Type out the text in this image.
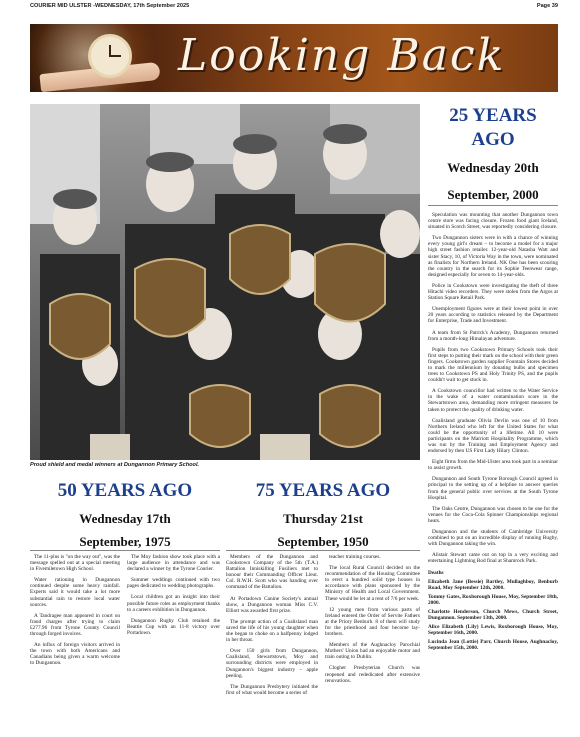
COURIER MID ULSTER -WEDNESDAY, 17th September 2025	Page 39
Looking Back
Proud shield and medal winners at Dungannon Primary School.
50 YEARS AGO
Wednesday 17th
September, 1975

The 11-plus is "on the way out", was the message spelled out at a special meeting in Fivemiletown High School.

Water rationing in Dungannon continued despite some heavy rainfall. Experts said it would take a lot more substantial rain to restore local water sources.

A Tandragee man appeared in court on fraud charges after trying to claim £277.96 from Tyrone County Council through forged invoices.

An influx of foreign visitors arrived in the town with both Americans and Canadians being given a warm welcome to Dungannon.

The Moy fashion show took place with a large audience in attendance and was declared a winner by the Tyrone Courier.

Summer weddings continued with two pages dedicated to wedding photographs.

Local children got an insight into their possible future roles as employment thanks to a careers exhibition in Dungannon.

Dungannon Rugby Club retained the Beattie Cup with an 11-8 victory over Portadown.

75 YEARS AGO
Thursday 21st
September, 1950

Members of the Dungannon and Cookstown Company of the 5th (T.A.) Battalion Inniskilling Fusiliers met to honour their Commanding Officer Lieut. Col. R.W.H. Scott who was handing over command of the Battalion.

At Portadown Canine Society's annual show, a Dungannon woman Miss C.V. Elliott was awarded first prize.

The prompt action of a Coalisland man saved the life of his young daughter when she began to choke on a halfpenny lodged in her throat.

Over 150 girls from Dungannon, Coalisland, Stewartstown, Moy and surrounding districts were employed in Dungannon's biggest industry – apple peeling.

The Dungannon Presbytery initiated the first of what would become a series of

teacher training courses.

The local Rural Council decided on the recommendation of the Housing Committee to erect a hundred solid type houses in accordance with plans sponsored by the Ministry of Health and Local Government. These would be let at a rent of 7/6 per week.

12 young men from various parts of Ireland entered the Order of Servite Fathers at the Priory Benburb. 8 of them will study for the priesthood and four become lay-brothers.

Members of the Aughnacloy Parochial Mothers' Union had an enjoyable motor and train outing to Dublin.

Clogher Presbyterian Church was reopened and rededicated after extensive renovations.

25 YEARS AGO
Wednesday 20th
September, 2000

Speculation was mounting that another Dungannon town centre store was facing closure. Frozen food giant Iceland, situated in Scotch Street, was reportedly considering closure.

Two Dungannon sisters were in with a chance of winning every young girl's dream – to become a model for a major high street fashion retailer. 12-year-old Natasha Watt and sister Stacy, 10, of Victoria Way in the town, were nominated as finalists for Northern Ireland. NK One has been scouring the country in the search for its Sophie Teenwear range, designed especially for seven to 14-year-olds.

Police in Cookstown were investigating the theft of three Hitachi video recorders. They were stolen from the Argos at Station Square Retail Park.

Unemployment figures were at their lowest point in over 20 years according to statistics released by the Department for Enterprise, Trade and Investment.

A team from St Patrick's Academy, Dungannon returned from a month-long Himalayan adventure.

Pupils from two Cookstown Primary Schools took their first steps to putting their mark on the school with their green fingers. Cookstown garden supplier Fountain Stores decided to mark the millennium by donating bulbs and specimen trees to Cookstown PS and Holy Trinity PS, and the pupils couldn't wait to get stuck in.

A Cookstown councillor had written to the Water Service in the wake of a water contamination scare in the Stewartstown area, demanding more stringent measures be taken to protect the quality of drinking water.

Coalisland graduate Olivia Devlin was one of 10 from Northern Ireland who left for the United States for what could be the opportunity of a lifetime. All 10 were participants on the Marriott Hospitality Programme, which was run by the Training and Employment Agency and endorsed by then US First Lady Hilary Clinton.

Eight firms from the Mid-Ulster area took part in a seminar to assist growth.

Dungannon and South Tyrone Borough Council agreed in principal to the setting up of a helpline to answer queries from the general public over services at the South Tyrone Hospital.

The Oaks Centre, Dungannon was chosen to be one for the venues for the Coca-Cola Spinner Championships regional heats.

Dungannon and the students of Cambridge University combined to put on an incredible display of running Rugby, with Dungannon taking the win.

Alistair Stewart came out on top in a very exciting and entertaining Lightning Rod final at Shamrock Park.

Deaths

Elizabeth Jane (Bessie) Bartley, Mullaghboy, Benburb Road, Moy September 12th, 2000.

Tommy Gates, Roxborough House, Moy, September 18th, 2000.

Charlotte Henderson, Church Mews, Church Street, Dungannon. September 13th, 2000.

Alice Elizabeth (Lily) Lewis, Roxborough House, Moy, September 16th, 2000.

Lucinda Jean (Lottie) Parr, Church House, Aughnacloy, September 15th, 2000.
